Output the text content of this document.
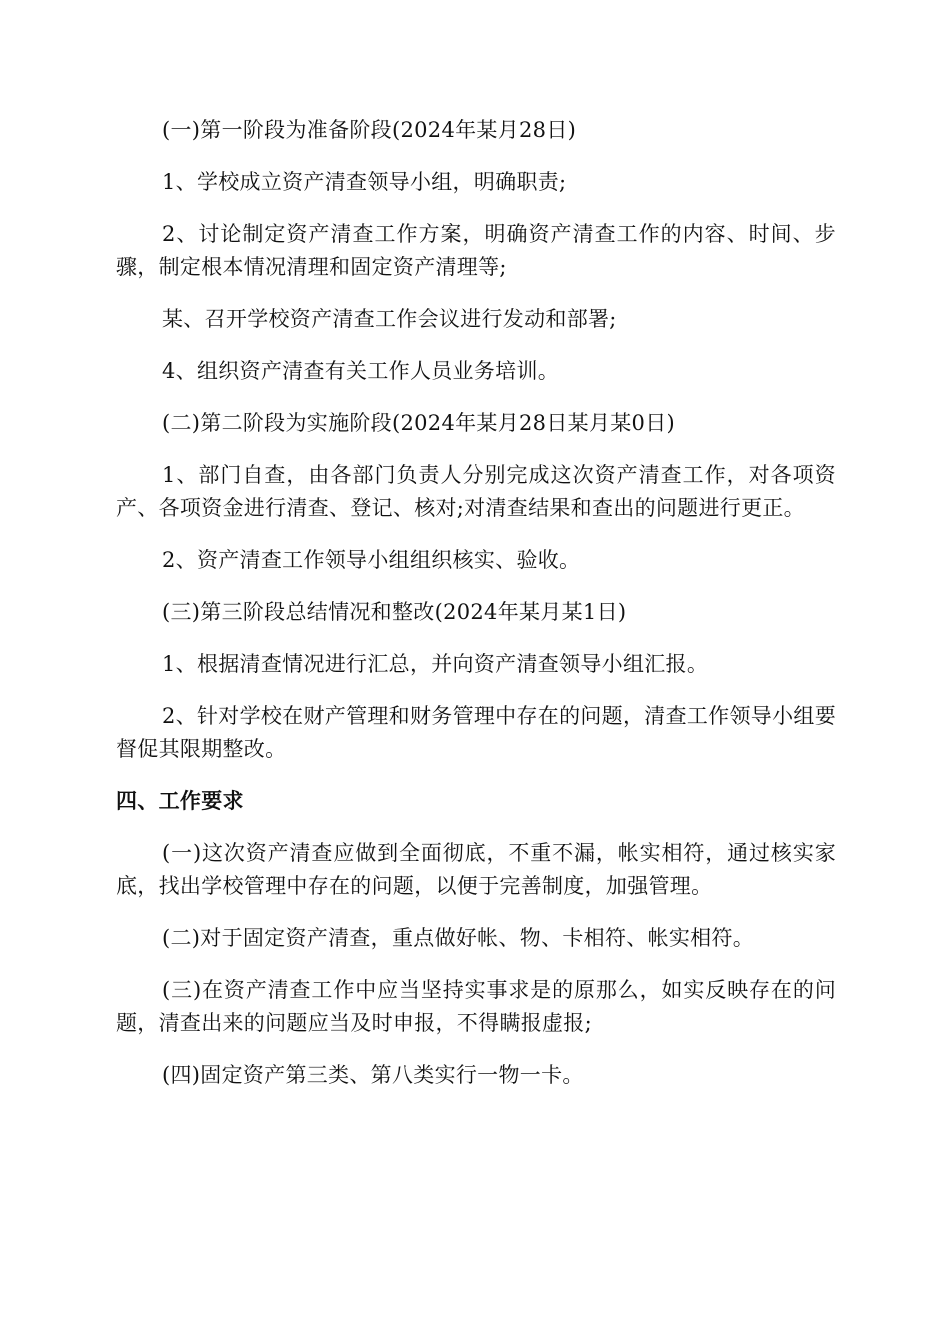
(一)第一阶段为准备阶段(2024年某月28日)

1、学校成立资产清查领导小组，明确职责;

2、讨论制定资产清查工作方案，明确资产清查工作的内容、时间、步骤，制定根本情况清理和固定资产清理等;

某、召开学校资产清查工作会议进行发动和部署;

4、组织资产清查有关工作人员业务培训。

(二)第二阶段为实施阶段(2024年某月28日某月某0日)

1、部门自查，由各部门负责人分别完成这次资产清查工作，对各项资产、各项资金进行清查、登记、核对;对清查结果和查出的问题进行更正。

2、资产清查工作领导小组组织核实、验收。

(三)第三阶段总结情况和整改(2024年某月某1日)

1、根据清查情况进行汇总，并向资产清查领导小组汇报。

2、针对学校在财产管理和财务管理中存在的问题，清查工作领导小组要督促其限期整改。

四、工作要求

(一)这次资产清查应做到全面彻底，不重不漏，帐实相符，通过核实家底，找出学校管理中存在的问题，以便于完善制度，加强管理。

(二)对于固定资产清查，重点做好帐、物、卡相符、帐实相符。

(三)在资产清查工作中应当坚持实事求是的原那么，如实反映存在的问题，清查出来的问题应当及时申报，不得瞒报虚报;

(四)固定资产第三类、第八类实行一物一卡。
